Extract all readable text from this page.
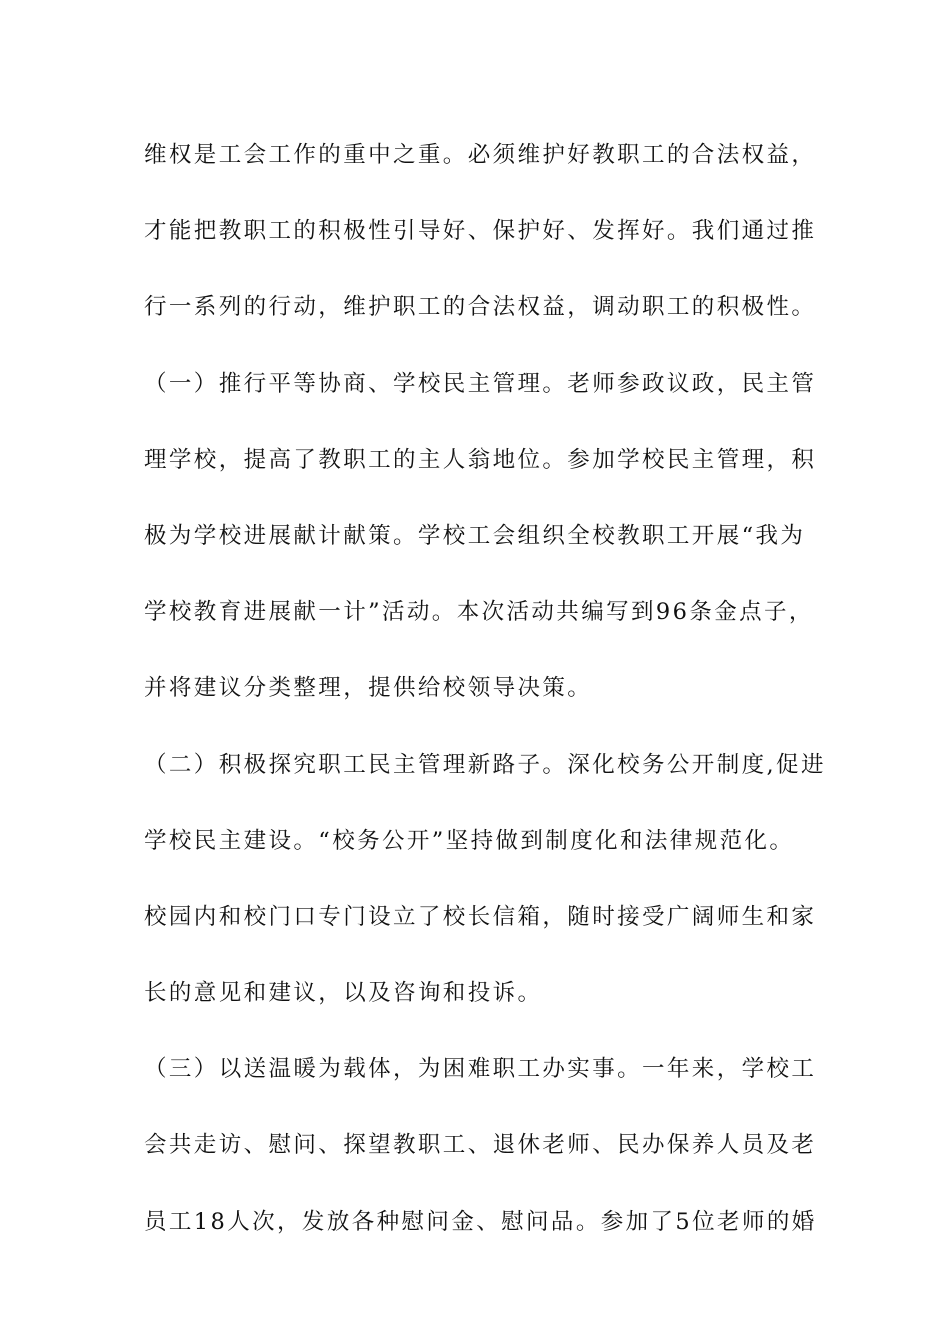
维权是工会工作的重中之重。必须维护好教职工的合法权益，
才能把教职工的积极性引导好、保护好、发挥好。我们通过推
行一系列的行动，维护职工的合法权益，调动职工的积极性。
（一）推行平等协商、学校民主管理。老师参政议政，民主管
理学校，提高了教职工的主人翁地位。参加学校民主管理，积
极为学校进展献计献策。学校工会组织全校教职工开展“我为
学校教育进展献一计”活动。本次活动共编写到96条金点子，
并将建议分类整理，提供给校领导决策。
（二）积极探究职工民主管理新路子。深化校务公开制度,促进
学校民主建设。“校务公开”坚持做到制度化和法律规范化。
校园内和校门口专门设立了校长信箱，随时接受广阔师生和家
长的意见和建议，以及咨询和投诉。
（三）以送温暖为载体，为困难职工办实事。一年来，学校工
会共走访、慰问、探望教职工、退休老师、民办保养人员及老
员工18人次，发放各种慰问金、慰问品。参加了5位老师的婚
